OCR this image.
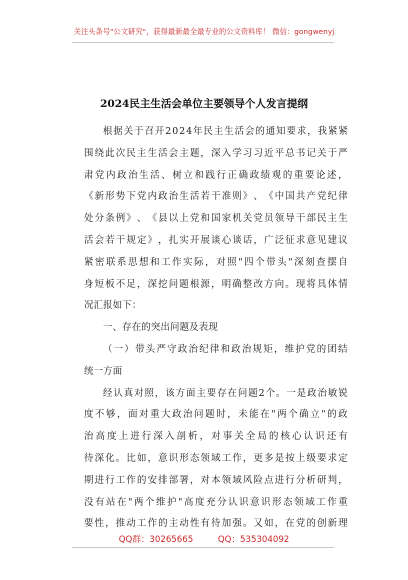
关注头条号"公文研究"，获得最新最全最专业的公文资料库！ 微信：gongwenyj
2024民主生活会单位主要领导个人发言提纲
根 据 关 于 召 开 2 0 2 4 年 民 主 生 活 会 的 通 知 要 求 ， 我 紧 紧
围 绕 此 次 民 主 生 活 会 主 题 ， 深 入 学 习 习 近 平 总 书 记 关 于 严
肃 党 内 政 治 生 活 、 树 立 和 践 行 正 确 政 绩 观 的 重 要 论 述 ，
《 新 形 势 下 党 内 政 治 生 活 若 干 准 则 》 、 《 中 国 共 产 党 纪 律
处 分 条 例 》 、 《 县 以 上 党 和 国 家 机 关 党 员 领 导 干 部 民 主 生
活 会 若 干 规 定 》 ， 扎 实 开 展 谈 心 谈 话 ， 广 泛 征 求 意 见 建 议
紧 密 联 系 思 想 和 工 作 实 际 ， 对 照 " 四 个 带 头 " 深 刻 查 摆 自
身 短 板 不 足 ， 深 挖 问 题 根 源 ， 明 确 整 改 方 向 。 现 将 具 体 情
况汇报如下：
一、存在的突出问题及表现
（ 一 ） 带 头 严 守 政 治 纪 律 和 政 治 规 矩 ， 维 护 党 的 团 结
统一方面
经 认 真 对 照 ， 该 方 面 主 要 存 在 问 题 2 个 。 一 是 政 治 敏 锐
度 不 够 ， 面 对 重 大 政 治 问 题 时 ， 未 能 在 " 两 个 确 立 " 的 政
治 高 度 上 进 行 深 入 剖 析 ， 对 事 关 全 局 的 核 心 认 识 还 有
待 深 化 。 比 如 ， 意 识 形 态 领 域 工 作 ， 更 多 是 按 上 级 要 求 定
期 进 行 工 作 的 安 排 部 署 ， 对 本 领 域 风 险 点 进 行 分 析 研 判 ，
没 有 站 在 " 两 个 维 护 " 高 度 充 分 认 识 意 识 形 态 领 域 工 作 重
要 性 ， 推 动 工 作 的 主 动 性 有 待 加 强 。 又 如 ， 在 党 的 创 新 理
QQ群：30265665	QQ：535304092
